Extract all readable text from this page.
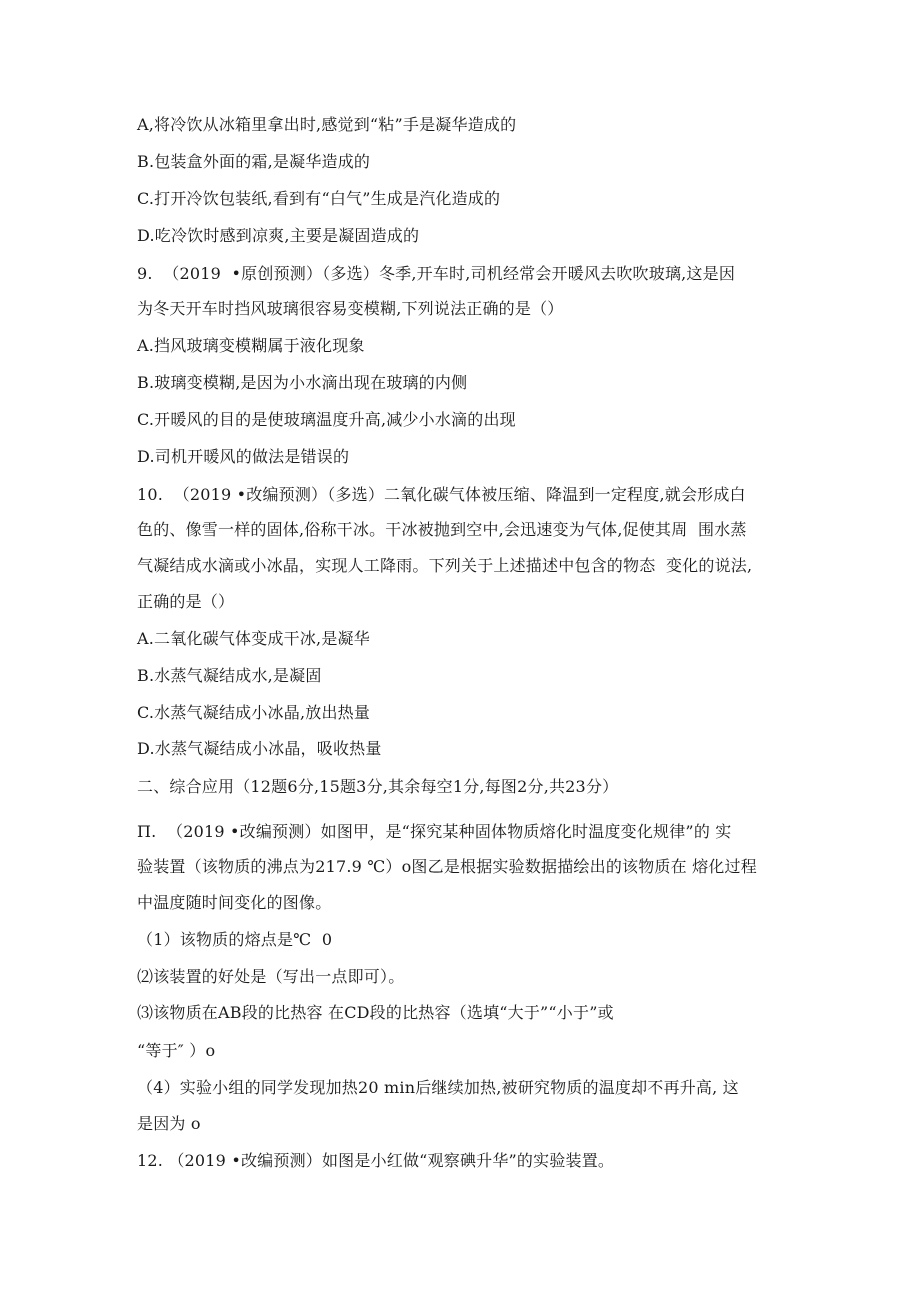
A,将冷饮从冰箱里拿出时,感觉到“粘”手是凝华造成的
B.包装盒外面的霜,是凝华造成的
C.打开冷饮包装纸,看到有“白气”生成是汽化造成的
D.吃冷饮时感到凉爽,主要是凝固造成的
9.  （2019  •原创预测）（多选）冬季,开车时,司机经常会开暖风去吹吹玻璃,这是因
为冬天开车时挡风玻璃很容易变模糊,下列说法正确的是（）
A.挡风玻璃变模糊属于液化现象
B.玻璃变模糊,是因为小水滴出现在玻璃的内侧
C.开暖风的目的是使玻璃温度升高,减少小水滴的出现
D.司机开暖风的做法是错误的
10.  （2019 •改编预测）（多选）二氧化碳气体被压缩、降温到一定程度,就会形成白
色的、像雪一样的固体,俗称干冰。干冰被抛到空中,会迅速变为气体,促使其周  围水蒸
气凝结成水滴或小冰晶，实现人工降雨。下列关于上述描述中包含的物态  变化的说法,
正确的是（）
A.二氧化碳气体变成干冰,是凝华
B.水蒸气凝结成水,是凝固
C.水蒸气凝结成小冰晶,放出热量
D.水蒸气凝结成小冰晶，吸收热量
二、综合应用（12题6分,15题3分,其余每空1分,每图2分,共23分）
Π.  （2019 •改编预测）如图甲，是“探究某种固体物质熔化时温度变化规律”的 实
验装置（该物质的沸点为217.9 ℃）o图乙是根据实验数据描绘出的该物质在 熔化过程
中温度随时间变化的图像。
（1）该物质的熔点是℃  0
⑵该装置的好处是（写出一点即可）。
⑶该物质在AB段的比热容 在CD段的比热容（选填“大于”“小于”或
“等于″ ）o
（4）实验小组的同学发现加热20 min后继续加热,被研究物质的温度却不再升高, 这
是因为 o
12. （2019 •改编预测）如图是小红做“观察碘升华”的实验装置。
